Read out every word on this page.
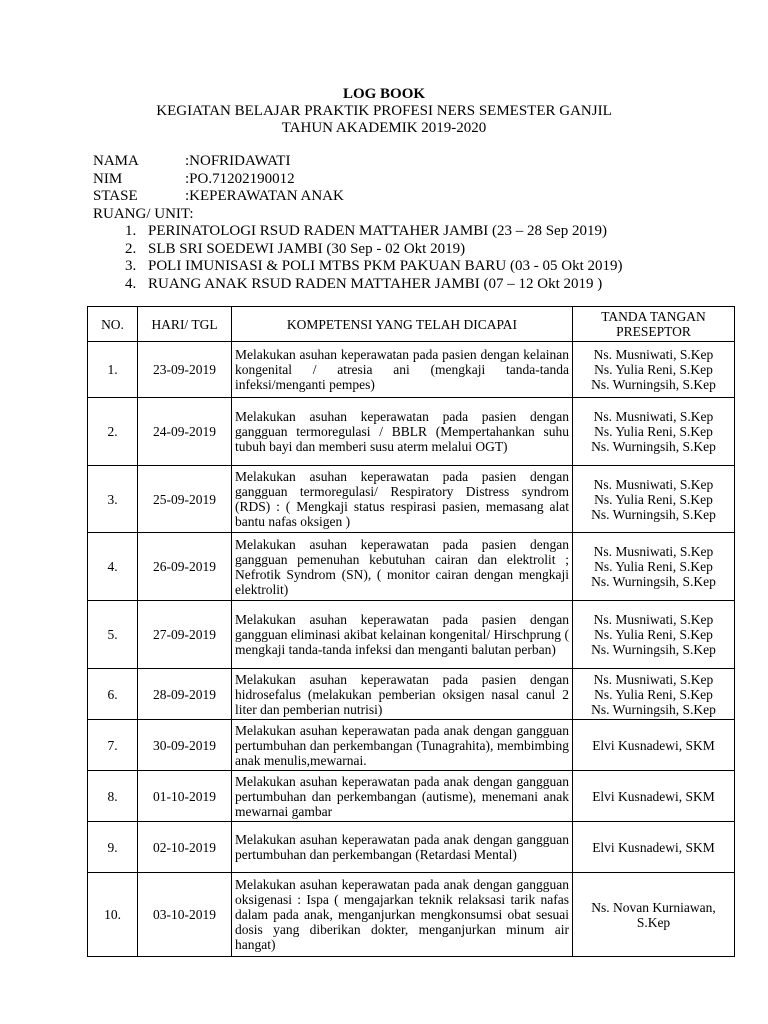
LOG BOOK
KEGIATAN BELAJAR PRAKTIK PROFESI NERS SEMESTER GANJIL
TAHUN AKADEMIK 2019-2020
NAMA	:NOFRIDAWATI
NIM	:PO.71202190012
STASE	:KEPERAWATAN ANAK
RUANG/ UNIT:
1. PERINATOLOGI RSUD RADEN MATTAHER JAMBI (23 – 28 Sep 2019)
2. SLB SRI SOEDEWI JAMBI (30 Sep - 02 Okt 2019)
3. POLI IMUNISASI & POLI MTBS PKM PAKUAN BARU (03 - 05 Okt 2019)
4. RUANG ANAK RSUD RADEN MATTAHER JAMBI (07 – 12 Okt 2019 )
NO.	HARI/ TGL	KOMPETENSI YANG TELAH DICAPAI	TANDA TANGAN PRESEPTOR
1.	23-09-2019	Melakukan asuhan keperawatan pada pasien dengan kelainan kongenital / atresia ani (mengkaji tanda-tanda infeksi/menganti pempes)	Ns. Musniwati, S.Kep
Ns. Yulia Reni, S.Kep
Ns. Wurningsih, S.Kep

2.	24-09-2019	Melakukan asuhan keperawatan pada pasien dengan gangguan termoregulasi / BBLR (Mempertahankan suhu tubuh bayi dan memberi susu aterm melalui OGT)	Ns. Musniwati, S.Kep
Ns. Yulia Reni, S.Kep
Ns. Wurningsih, S.Kep

3.	25-09-2019	Melakukan asuhan keperawatan pada pasien dengan gangguan termoregulasi/ Respiratory Distress syndrom (RDS) : ( Mengkaji status respirasi pasien, memasang alat bantu nafas oksigen )	Ns. Musniwati, S.Kep
Ns. Yulia Reni, S.Kep
Ns. Wurningsih, S.Kep

4.	26-09-2019	Melakukan asuhan keperawatan pada pasien dengan gangguan pemenuhan kebutuhan cairan dan elektrolit ; Nefrotik Syndrom (SN), ( monitor cairan dengan mengkaji elektrolit)	Ns. Musniwati, S.Kep
Ns. Yulia Reni, S.Kep
Ns. Wurningsih, S.Kep

5.	27-09-2019	Melakukan asuhan keperawatan pada pasien dengan gangguan eliminasi akibat kelainan kongenital/ Hirschprung ( mengkaji tanda-tanda infeksi dan menganti balutan perban)	Ns. Musniwati, S.Kep
Ns. Yulia Reni, S.Kep
Ns. Wurningsih, S.Kep

6.	28-09-2019	Melakukan asuhan keperawatan pada pasien dengan hidrosefalus (melakukan pemberian oksigen nasal canul 2 liter dan pemberian nutrisi)	Ns. Musniwati, S.Kep
Ns. Yulia Reni, S.Kep
Ns. Wurningsih, S.Kep

7.	30-09-2019	Melakukan asuhan keperawatan pada anak dengan gangguan pertumbuhan dan perkembangan (Tunagrahita), membimbing anak menulis,mewarnai.	Elvi Kusnadewi, SKM

8.	01-10-2019	Melakukan asuhan keperawatan pada anak dengan gangguan pertumbuhan dan perkembangan (autisme), menemani anak mewarnai gambar	Elvi Kusnadewi, SKM

9.	02-10-2019	Melakukan asuhan keperawatan pada anak dengan gangguan pertumbuhan dan perkembangan (Retardasi Mental)	Elvi Kusnadewi, SKM

10.	03-10-2019	Melakukan asuhan keperawatan pada anak dengan gangguan oksigenasi : Ispa ( mengajarkan teknik relaksasi tarik nafas dalam pada anak, menganjurkan mengkonsumsi obat sesuai dosis yang diberikan dokter, menganjurkan minum air hangat)	Ns. Novan Kurniawan, S.Kep
